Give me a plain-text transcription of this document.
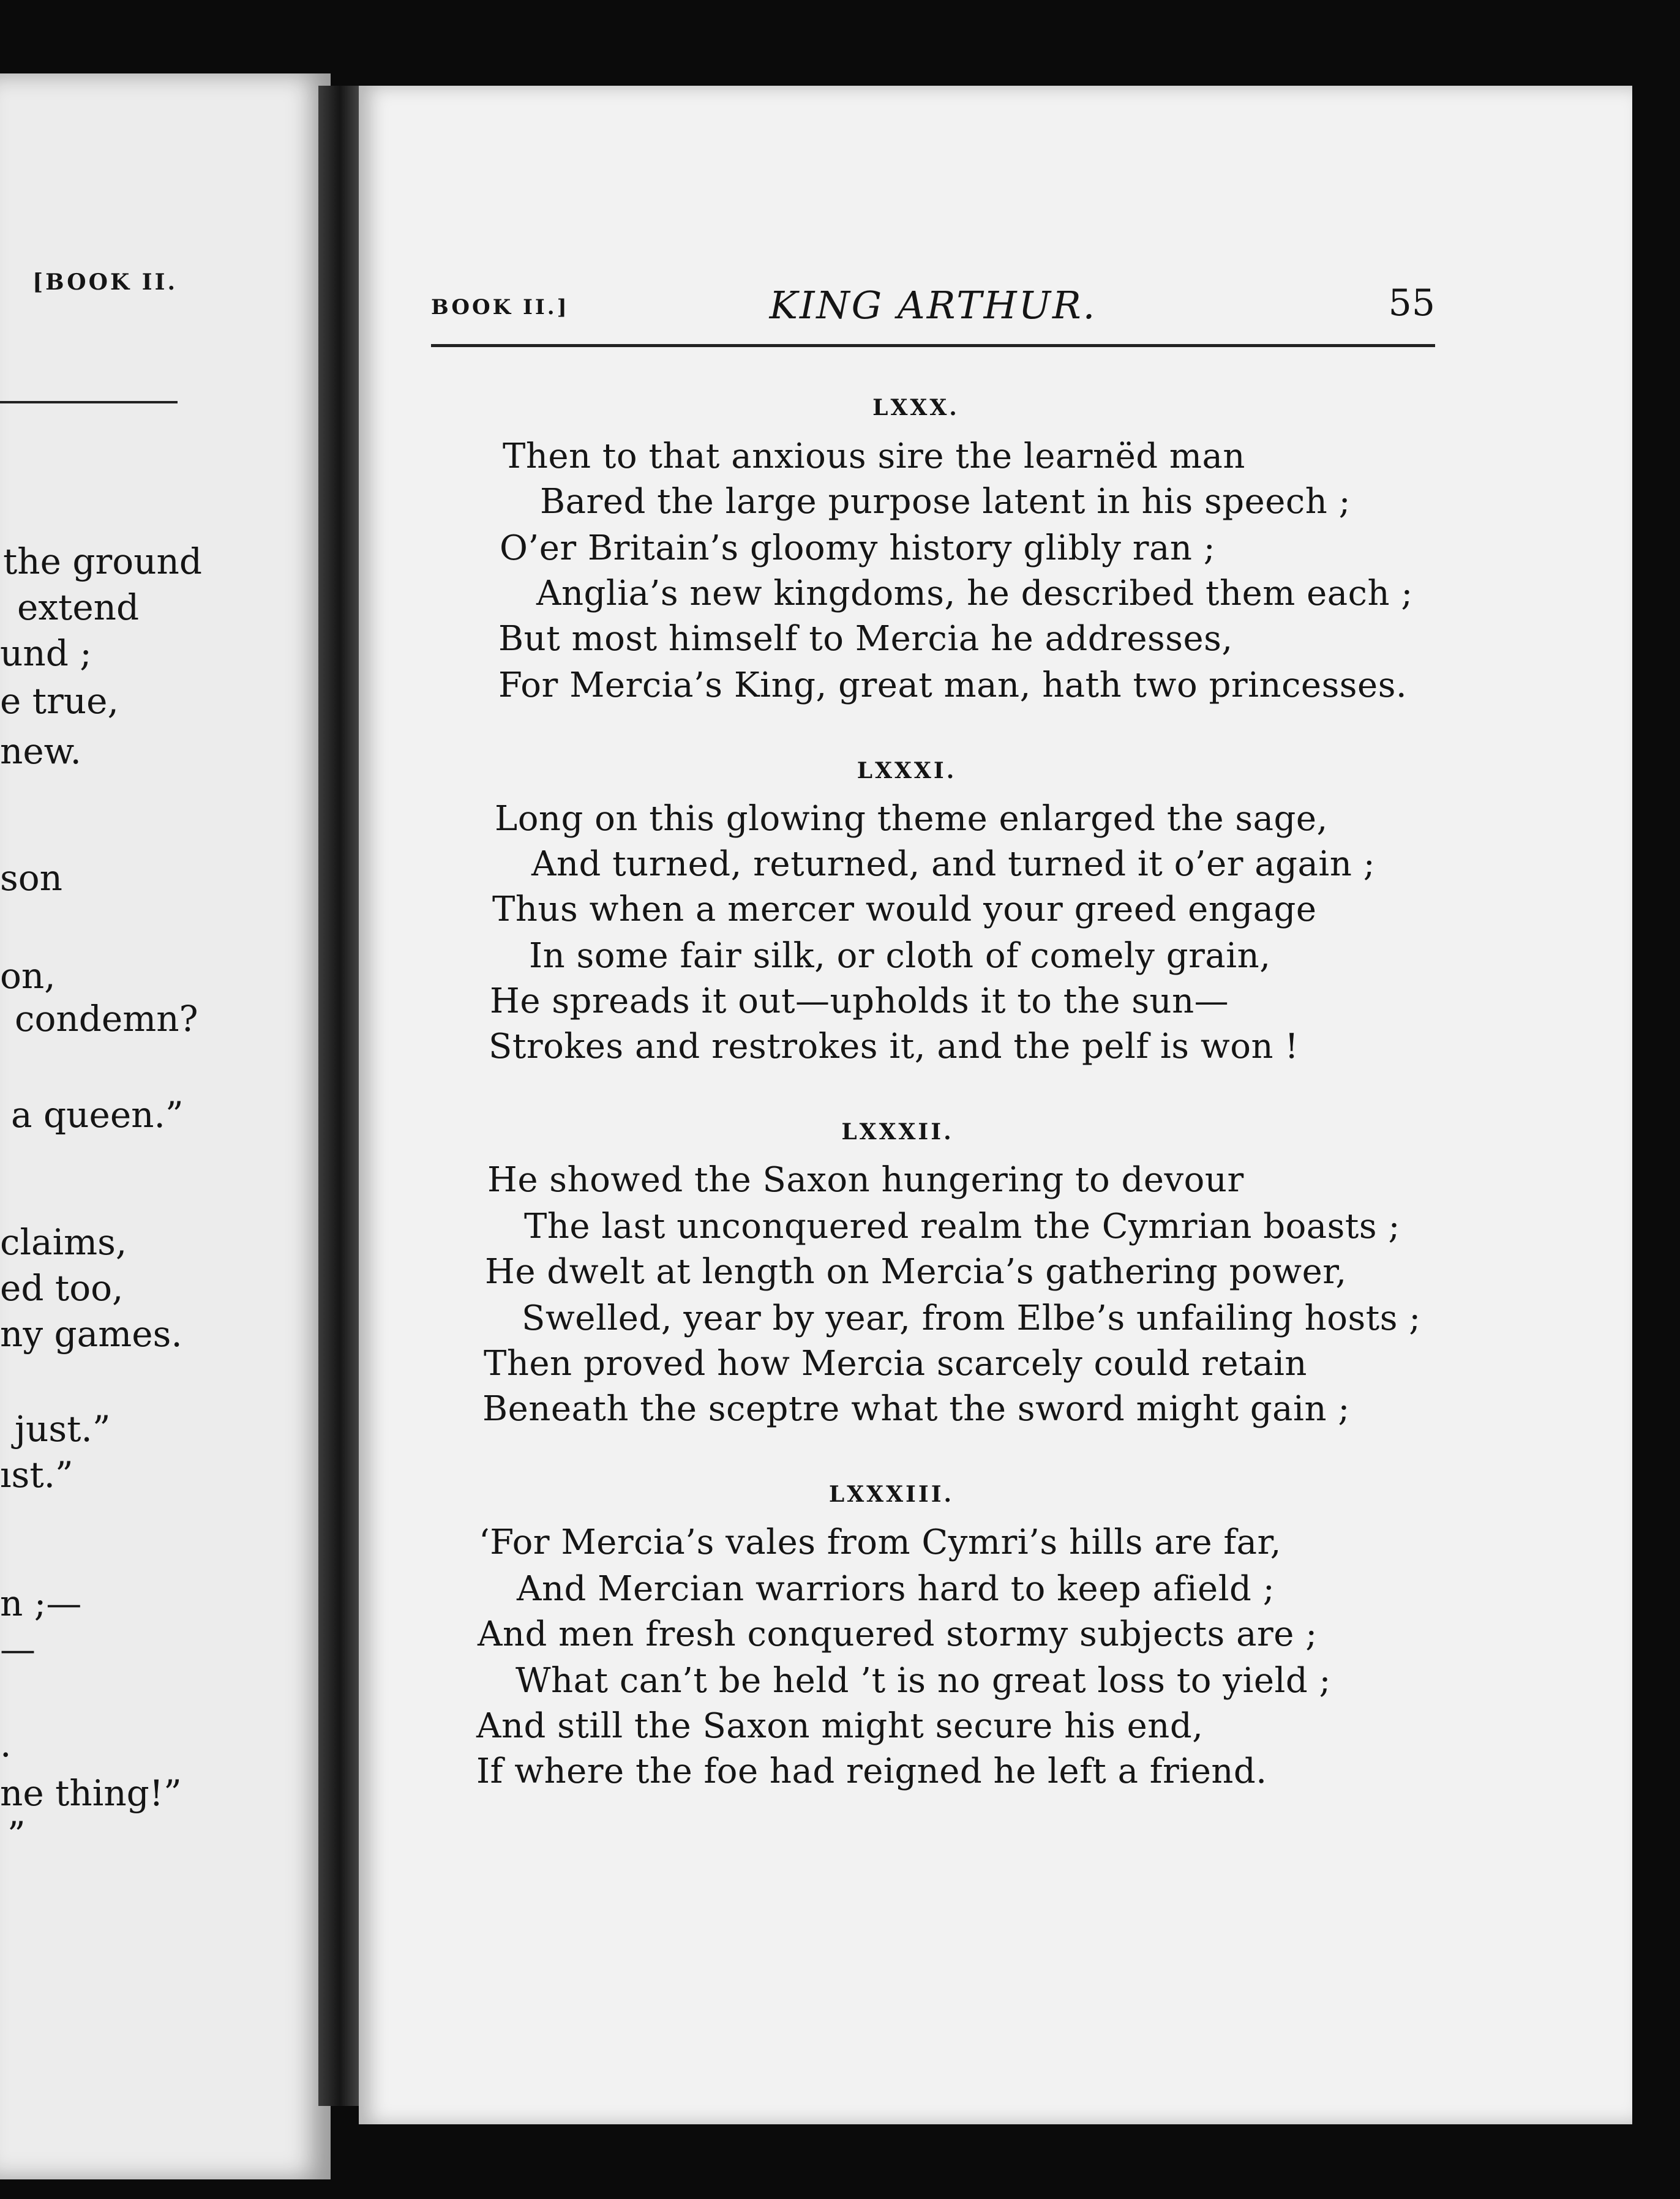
[BOOK II.
the ground
extend
und ;
e true,
new.
son
on,
condemn?
a queen.”
claims,
ed too,
ny games.
just.”
ıst.”
n ;—
—
.
ne thing!”
”
BOOK II.]	KING ARTHUR.	55
LXXX.
Then to that anxious sire the learnëd man
Bared the large purpose latent in his speech ;
O’er Britain’s gloomy history glibly ran ;
Anglia’s new kingdoms, he described them each ;
But most himself to Mercia he addresses,
For Mercia’s King, great man, hath two princesses.
LXXXI.
Long on this glowing theme enlarged the sage,
And turned, returned, and turned it o’er again ;
Thus when a mercer would your greed engage
In some fair silk, or cloth of comely grain,
He spreads it out—upholds it to the sun—
Strokes and restrokes it, and the pelf is won !
LXXXII.
He showed the Saxon hungering to devour
The last unconquered realm the Cymrian boasts ;
He dwelt at length on Mercia’s gathering power,
Swelled, year by year, from Elbe’s unfailing hosts ;
Then proved how Mercia scarcely could retain
Beneath the sceptre what the sword might gain ;
LXXXIII.
‘For Mercia’s vales from Cymri’s hills are far,
And Mercian warriors hard to keep afield ;
And men fresh conquered stormy subjects are ;
What can’t be held ’t is no great loss to yield ;
And still the Saxon might secure his end,
If where the foe had reigned he left a friend.
